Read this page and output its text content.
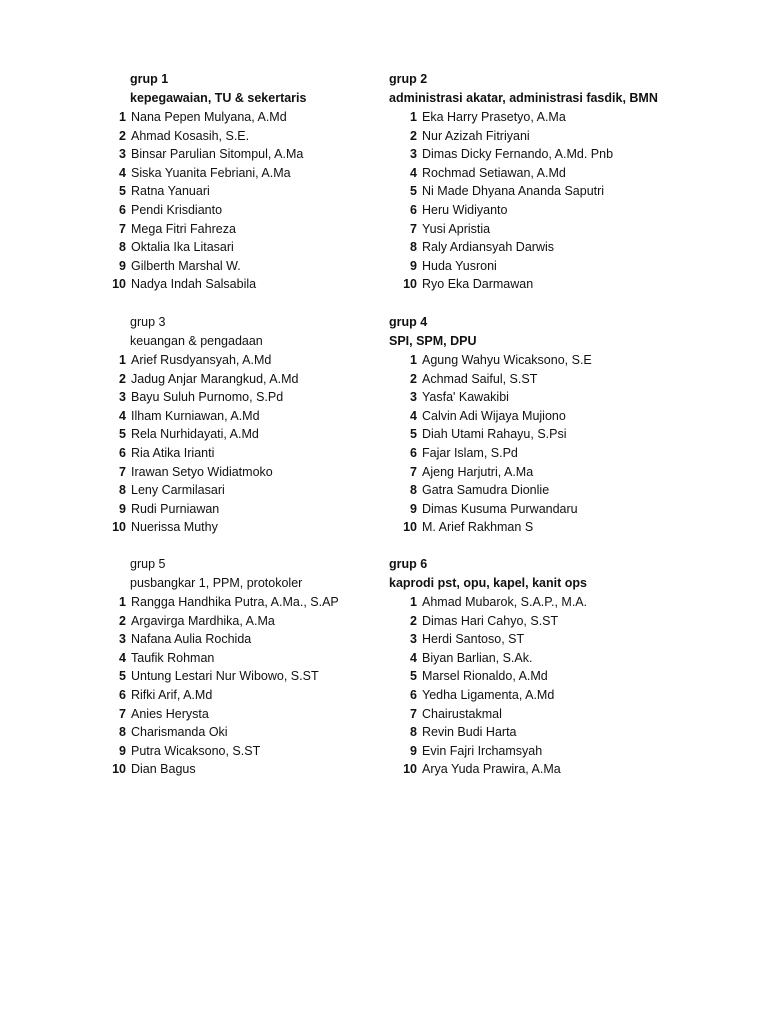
grup 1
kepegawaian, TU & sekertaris
1 Nana Pepen Mulyana, A.Md
2 Ahmad Kosasih, S.E.
3 Binsar Parulian Sitompul, A.Ma
4 Siska Yuanita Febriani, A.Ma
5 Ratna Yanuari
6 Pendi Krisdianto
7 Mega Fitri Fahreza
8 Oktalia Ika Litasari
9 Gilberth Marshal W.
10 Nadya Indah Salsabila
grup 2
administrasi akatar, administrasi fasdik, BMN
1 Eka Harry Prasetyo, A.Ma
2 Nur Azizah Fitriyani
3 Dimas Dicky Fernando, A.Md. Pnb
4 Rochmad Setiawan, A.Md
5 Ni Made Dhyana Ananda Saputri
6 Heru Widiyanto
7 Yusi Apristia
8 Raly Ardiansyah Darwis
9 Huda Yusroni
10 Ryo Eka Darmawan
grup 3
keuangan & pengadaan
1 Arief Rusdyansyah, A.Md
2 Jadug Anjar Marangkud, A.Md
3 Bayu Suluh Purnomo, S.Pd
4 Ilham Kurniawan, A.Md
5 Rela Nurhidayati, A.Md
6 Ria Atika Irianti
7 Irawan Setyo Widiatmoko
8 Leny Carmilasari
9 Rudi Purniawan
10 Nuerissa Muthy
grup 4
SPI, SPM, DPU
1 Agung Wahyu Wicaksono, S.E
2 Achmad Saiful, S.ST
3 Yasfa' Kawakibi
4 Calvin Adi Wijaya Mujiono
5 Diah Utami Rahayu, S.Psi
6 Fajar Islam, S.Pd
7 Ajeng Harjutri, A.Ma
8 Gatra Samudra Dionlie
9 Dimas Kusuma Purwandaru
10 M. Arief Rakhman S
grup 5
pusbangkar 1, PPM, protokoler
1 Rangga Handhika Putra, A.Ma., S.AP
2 Argavirga Mardhika, A.Ma
3 Nafana Aulia Rochida
4 Taufik Rohman
5 Untung Lestari Nur Wibowo, S.ST
6 Rifki Arif, A.Md
7 Anies Herysta
8 Charismanda Oki
9 Putra Wicaksono, S.ST
10 Dian Bagus
grup 6
kaprodi pst, opu, kapel, kanit ops
1 Ahmad Mubarok, S.A.P., M.A.
2 Dimas Hari Cahyo, S.ST
3 Herdi Santoso, ST
4 Biyan Barlian, S.Ak.
5 Marsel Rionaldo, A.Md
6 Yedha Ligamenta, A.Md
7 Chairustakmal
8 Revin Budi Harta
9 Evin Fajri Irchamsyah
10 Arya Yuda Prawira, A.Ma
